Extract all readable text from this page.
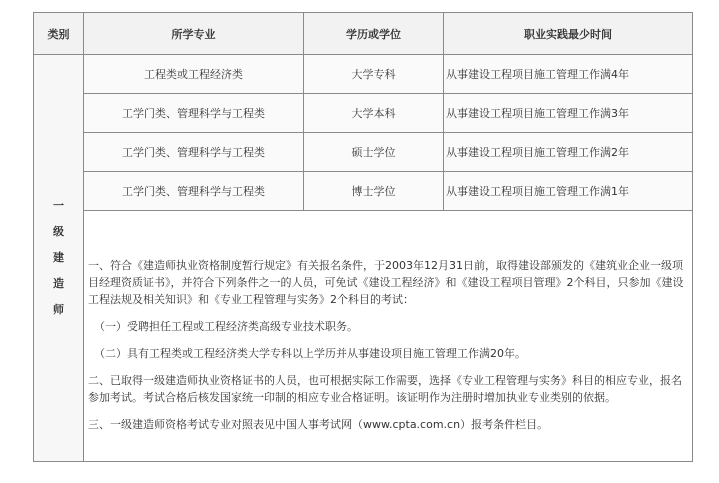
类别	所学专业	学历或学位	职业实践最少时间

一
级
建
造
师	工程类或工程经济类	大学专科	从事建设工程项目施工管理工作满4年
	工学门类、管理科学与工程类	大学本科	从事建设工程项目施工管理工作满3年
	工学门类、管理科学与工程类	硕士学位	从事建设工程项目施工管理工作满2年
	工学门类、管理科学与工程类	博士学位	从事建设工程项目施工管理工作满1年

	一、符合《建造师执业资格制度暂行规定》有关报名条件，于2003年12月31日前，取得建设部颁发的《建筑业企业一级项目经理资质证书》，并符合下列条件之一的人员，可免试《建设工程经济》和《建设工程项目管理》2个科目，只参加《建设工程法规及相关知识》和《专业工程管理与实务》2个科目的考试：

（一）受聘担任工程或工程经济类高级专业技术职务。

（二）具有工程类或工程经济类大学专科以上学历并从事建设项目施工管理工作满20年。

二、已取得一级建造师执业资格证书的人员，也可根据实际工作需要，选择《专业工程管理与实务》科目的相应专业，报名参加考试。考试合格后核发国家统一印制的相应专业合格证明。该证明作为注册时增加执业专业类别的依据。

三、一级建造师资格考试专业对照表见中国人事考试网（www.cpta.com.cn）报考条件栏目。		
